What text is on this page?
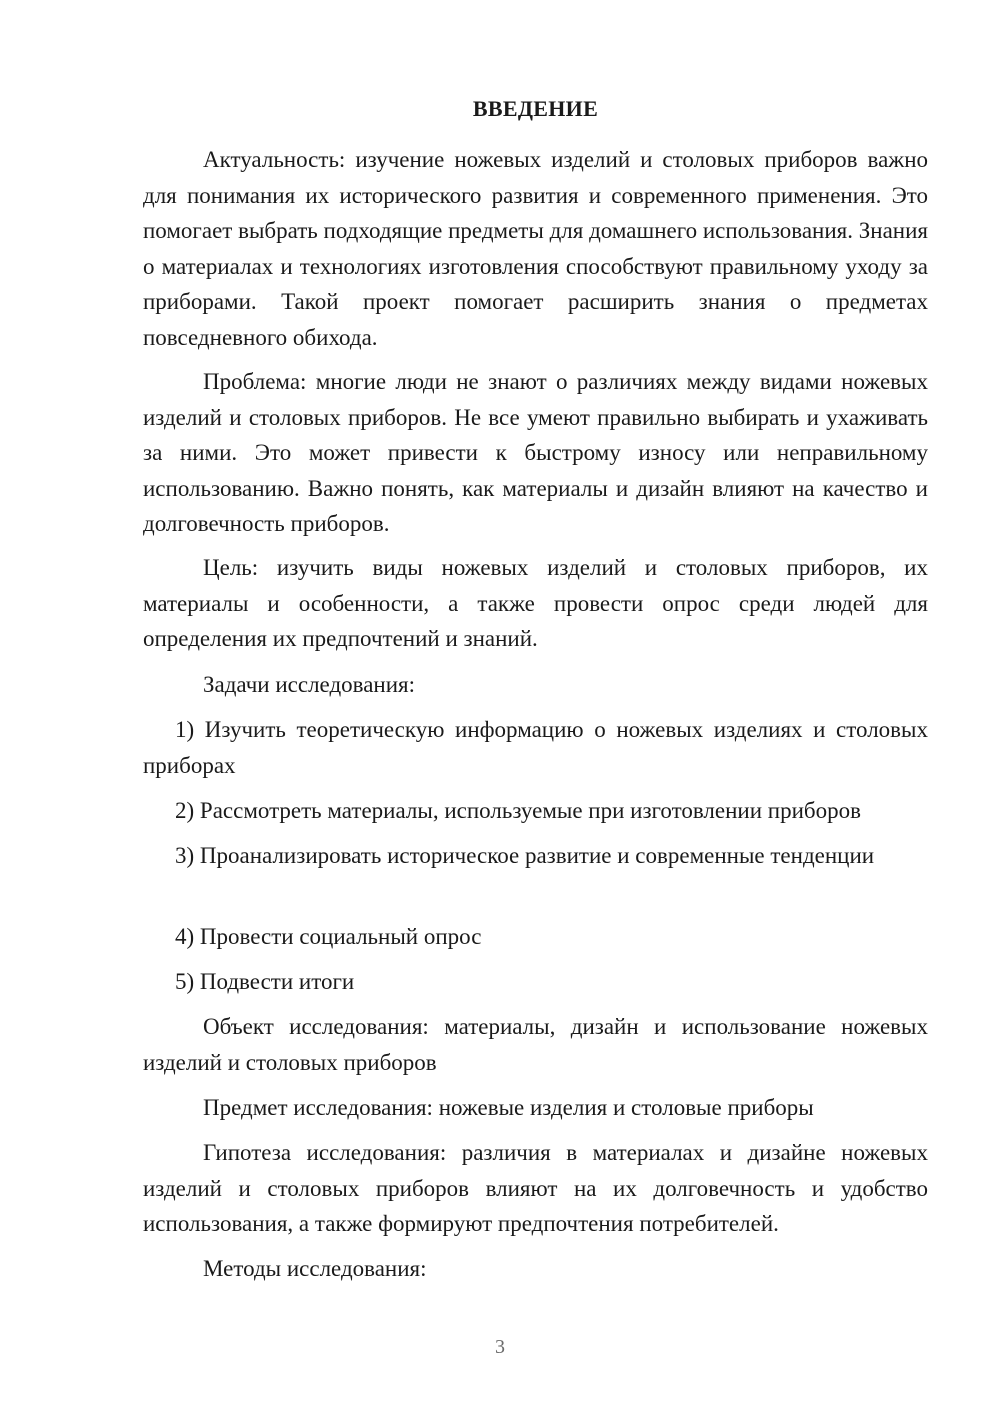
ВВЕДЕНИЕ

Актуальность: изучение ножевых изделий и столовых приборов важно для понимания их исторического развития и современного применения. Это помогает выбрать подходящие предметы для домашнего использования. Знания о материалах и технологиях изготовления способствуют правильному уходу за приборами. Такой проект помогает расширить знания о предметах повседневного обихода.

Проблема: многие люди не знают о различиях между видами ножевых изделий и столовых приборов. Не все умеют правильно выбирать и ухаживать за ними. Это может привести к быстрому износу или неправильному использованию. Важно понять, как материалы и дизайн влияют на качество и долговечность приборов.

Цель: изучить виды ножевых изделий и столовых приборов, их материалы и особенности, а также провести опрос среди людей для определения их предпочтений и знаний.

Задачи исследования:

1) Изучить теоретическую информацию о ножевых изделиях и столовых приборах

2) Рассмотреть материалы, используемые при изготовлении приборов

3) Проанализировать историческое развитие и современные тенденции

4) Провести социальный опрос

5) Подвести итоги

Объект исследования: материалы, дизайн и использование ножевых изделий и столовых приборов

Предмет исследования: ножевые изделия и столовые приборы

Гипотеза исследования: различия в материалах и дизайне ножевых изделий и столовых приборов влияют на их долговечность и удобство использования, а также формируют предпочтения потребителей.

Методы исследования:

3
